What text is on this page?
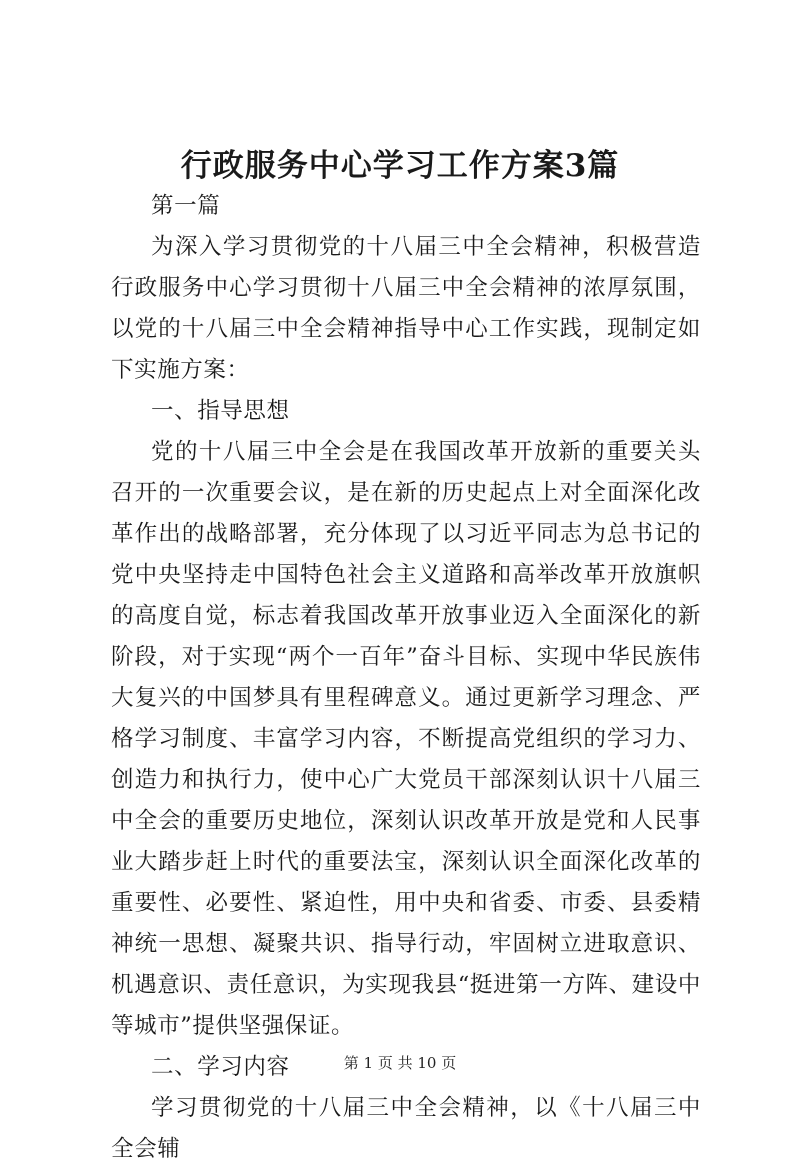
行政服务中心学习工作方案3篇

第一篇

为深入学习贯彻党的十八届三中全会精神，积极营造行政服务中心学习贯彻十八届三中全会精神的浓厚氛围，以党的十八届三中全会精神指导中心工作实践，现制定如下实施方案：

一、指导思想

党的十八届三中全会是在我国改革开放新的重要关头召开的一次重要会议，是在新的历史起点上对全面深化改革作出的战略部署，充分体现了以习近平同志为总书记的党中央坚持走中国特色社会主义道路和高举改革开放旗帜的高度自觉，标志着我国改革开放事业迈入全面深化的新阶段，对于实现“两个一百年”奋斗目标、实现中华民族伟大复兴的中国梦具有里程碑意义。通过更新学习理念、严格学习制度、丰富学习内容，不断提高党组织的学习力、创造力和执行力，使中心广大党员干部深刻认识十八届三中全会的重要历史地位，深刻认识改革开放是党和人民事业大踏步赶上时代的重要法宝，深刻认识全面深化改革的重要性、必要性、紧迫性，用中央和省委、市委、县委精神统一思想、凝聚共识、指导行动，牢固树立进取意识、机遇意识、责任意识，为实现我县“挺进第一方阵、建设中等城市”提供坚强保证。

二、学习内容

学习贯彻党的十八届三中全会精神，以《十八届三中全会辅

第 1 页 共 10 页
